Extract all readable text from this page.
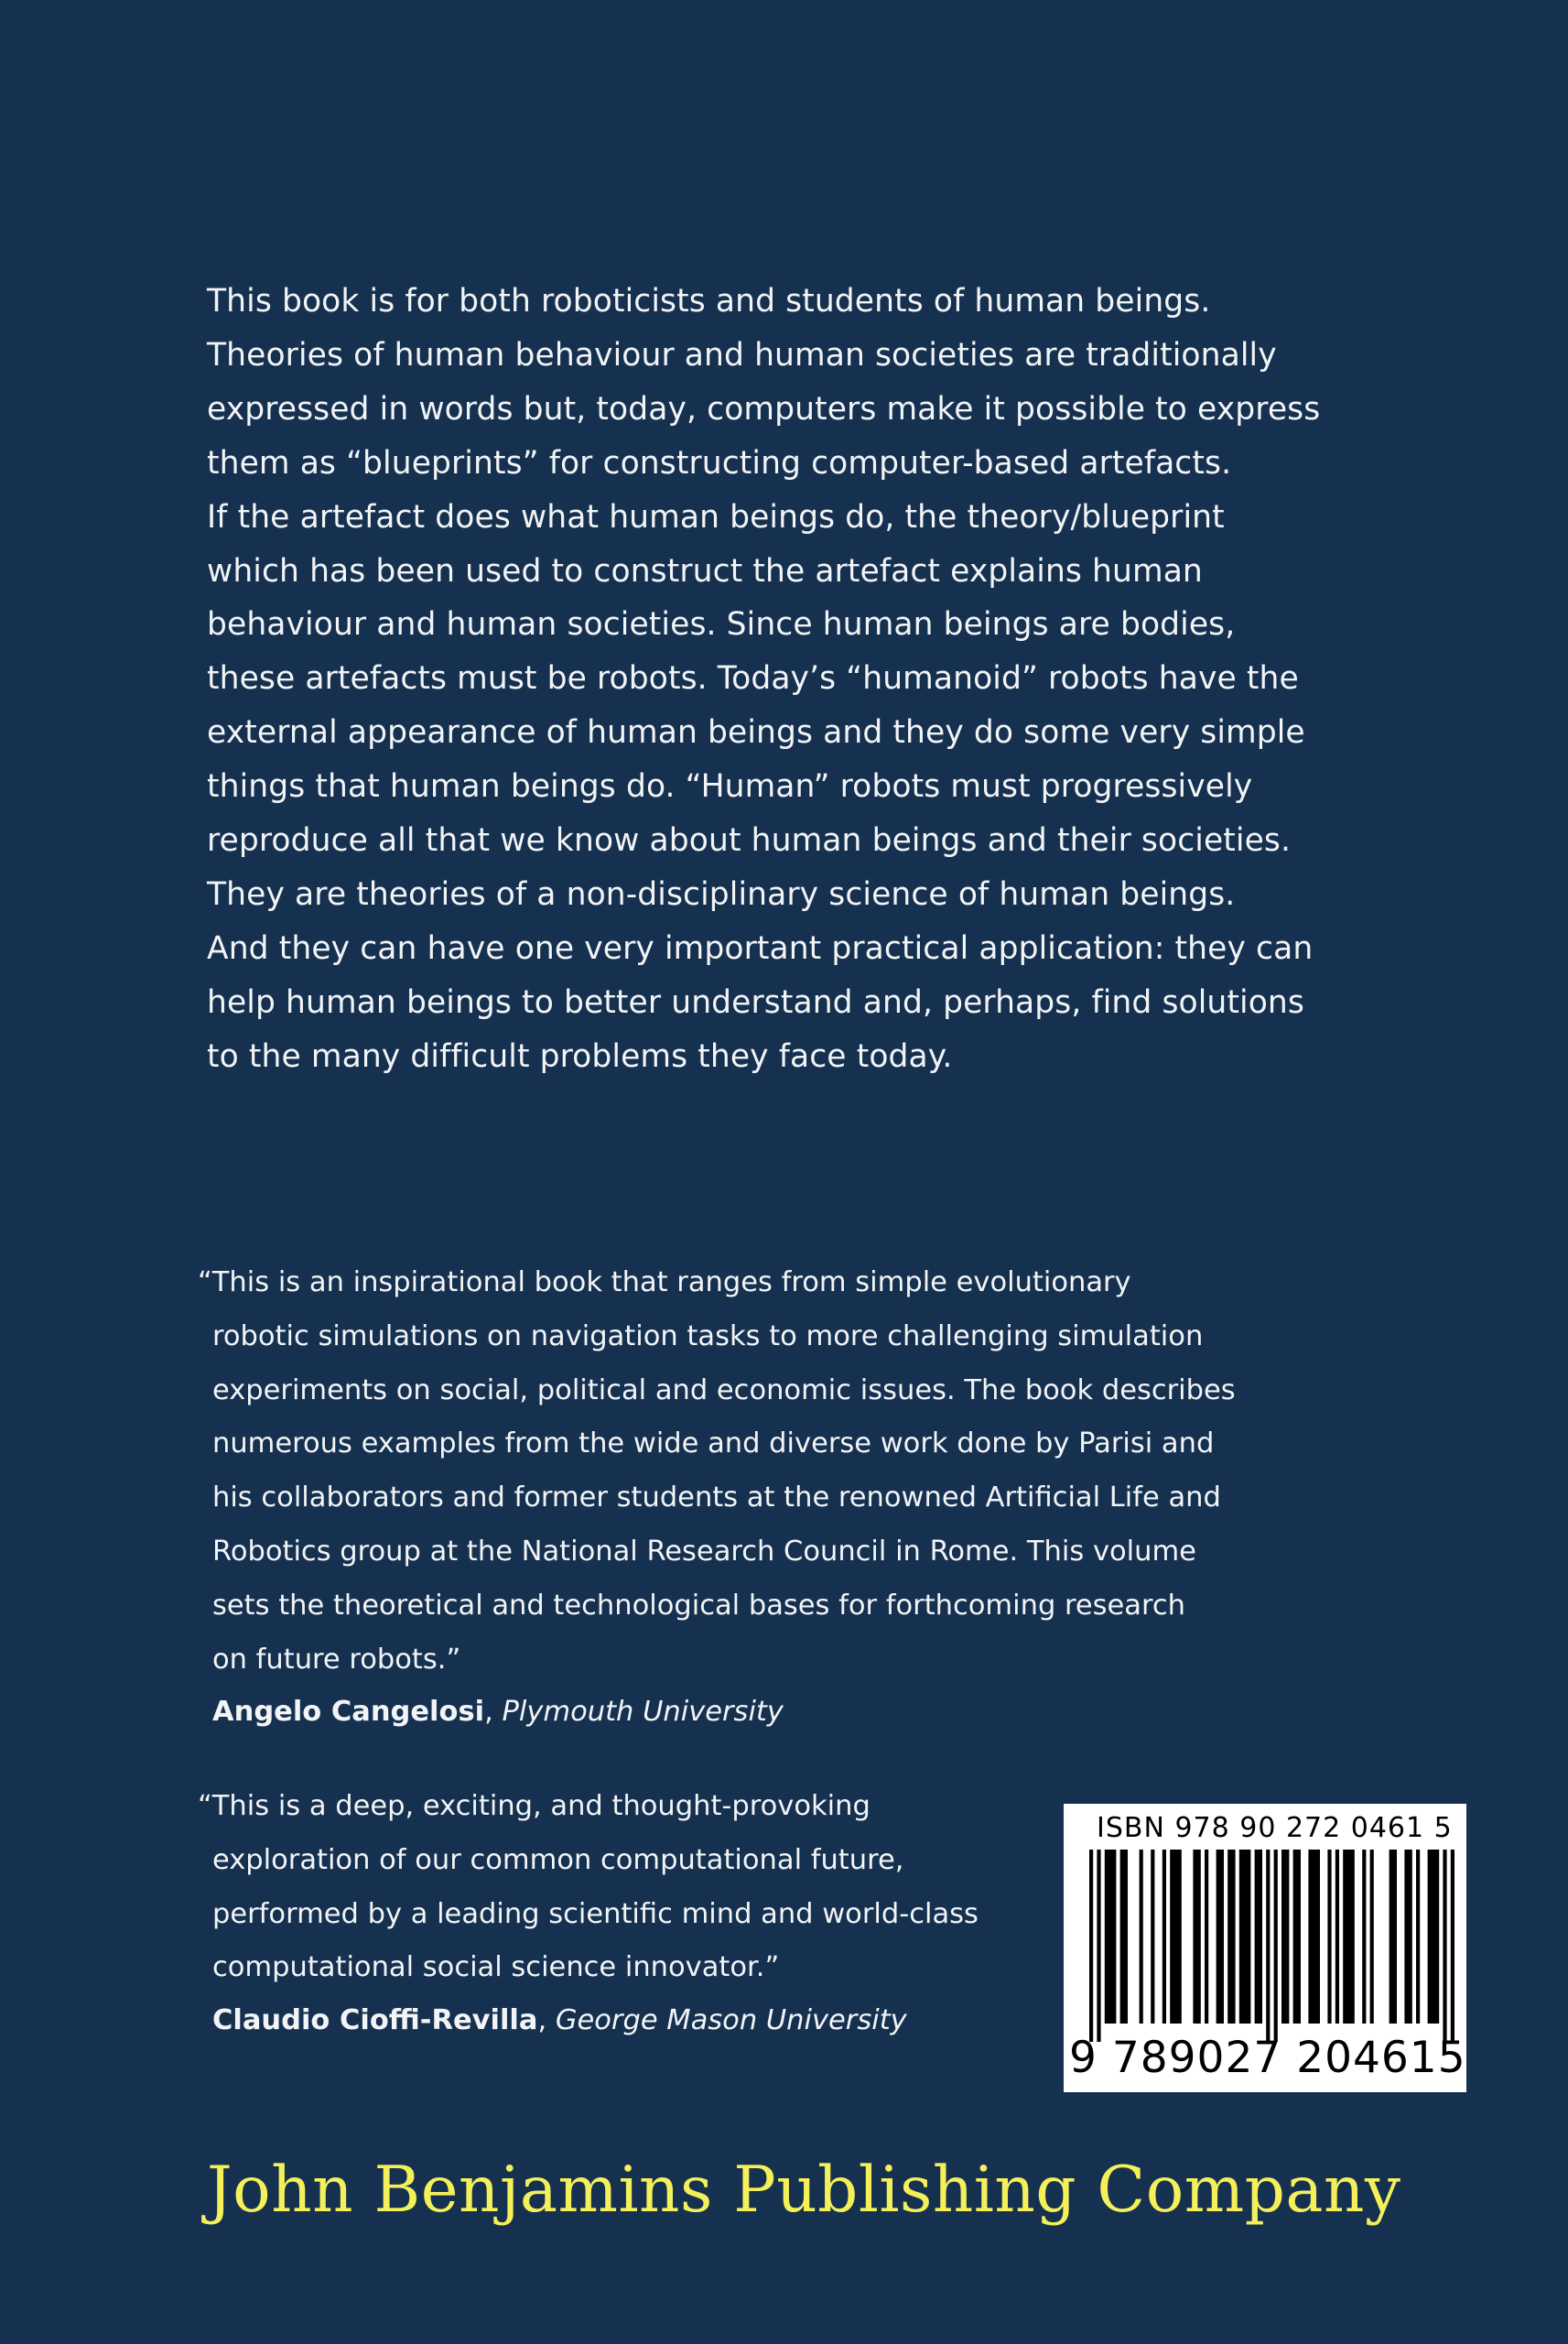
This book is for both roboticists and students of human beings.
Theories of human behaviour and human societies are traditionally
expressed in words but, today, computers make it possible to express
them as “blueprints” for constructing computer-based artefacts.
If the artefact does what human beings do, the theory/blueprint
which has been used to construct the artefact explains human
behaviour and human societies. Since human beings are bodies,
these artefacts must be robots. Today’s “humanoid” robots have the
external appearance of human beings and they do some very simple
things that human beings do. “Human” robots must progressively
reproduce all that we know about human beings and their societies.
They are theories of a non-disciplinary science of human beings.
And they can have one very important practical application: they can
help human beings to better understand and, perhaps, find solutions
to the many difficult problems they face today.
“This is an inspirational book that ranges from simple evolutionary
robotic simulations on navigation tasks to more challenging simulation
experiments on social, political and economic issues. The book describes
numerous examples from the wide and diverse work done by Parisi and
his collaborators and former students at the renowned Artificial Life and
Robotics group at the National Research Council in Rome. This volume
sets the theoretical and technological bases for forthcoming research
on future robots.”
Angelo Cangelosi, Plymouth University
“This is a deep, exciting, and thought-provoking
exploration of our common computational future,
performed by a leading scientific mind and world-class
computational social science innovator.”
Claudio Cioffi-Revilla, George Mason University
ISBN 978 90 272 0461 5
9 789027 204615
John Benjamins Publishing Company
